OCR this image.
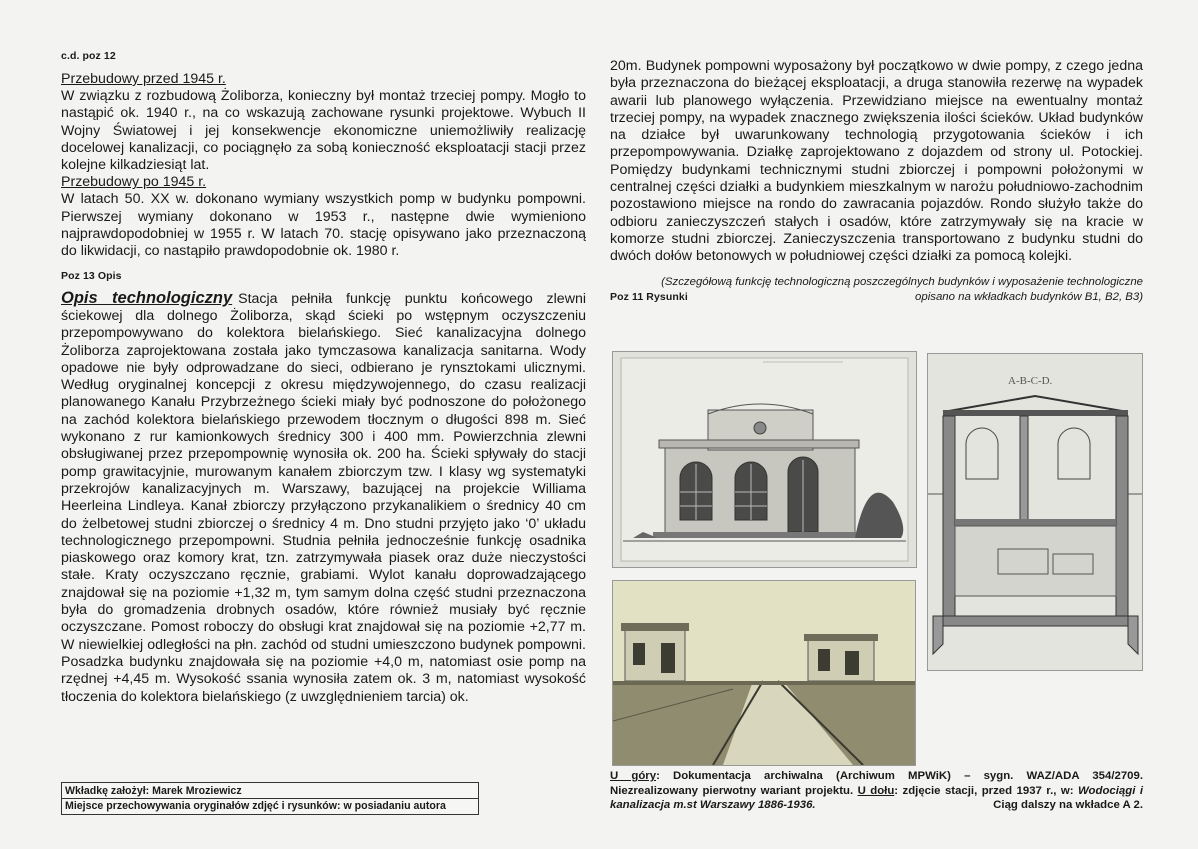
c.d. poz 12
Przebudowy przed 1945 r.
W związku z rozbudową Żoliborza, konieczny był montaż trzeciej pompy. Mogło to nastąpić ok. 1940 r., na co wskazują zachowane rysunki projektowe. Wybuch II Wojny Światowej i jej konsekwencje ekonomiczne uniemożliwiły realizację docelowej kanalizacji, co pociągnęło za sobą konieczność eksploatacji stacji przez kolejne kilkadziesiąt lat.
Przebudowy po 1945 r.
W latach 50. XX w. dokonano wymiany wszystkich pomp w budynku pompowni. Pierwszej wymiany dokonano w 1953 r., następne dwie wymieniono najprawdopodobniej w 1955 r. W latach 70. stację opisywano jako przeznaczoną do likwidacji, co nastąpiło prawdopodobnie ok. 1980 r.
Poz 13 Opis
Opis technologiczny Stacja pełniła funkcję punktu końcowego zlewni ściekowej dla dolnego Żoliborza, skąd ścieki po wstępnym oczyszczeniu przepompowywano do kolektora bielańskiego. Sieć kanalizacyjna dolnego Żoliborza zaprojektowana została jako tymczasowa kanalizacja sanitarna. Wody opadowe nie były odprowadzane do sieci, odbierano je rynsztokami ulicznymi. Według oryginalnej koncepcji z okresu międzywojennego, do czasu realizacji planowanego Kanału Przybrzeżnego ścieki miały być podnoszone do położonego na zachód kolektora bielańskiego przewodem tłocznym o długości 898 m. Sieć wykonano z rur kamionkowych średnicy 300 i 400 mm. Powierzchnia zlewni obsługiwanej przez przepompownię wynosiła ok. 200 ha. Ścieki spływały do stacji pomp grawitacyjnie, murowanym kanałem zbiorczym tzw. I klasy wg systematyki przekrojów kanalizacyjnych m. Warszawy, bazującej na projekcie Williama Heerleina Lindleya. Kanał zbiorczy przyłączono przykanalikiem o średnicy 40 cm do żelbetowej studni zbiorczej o średnicy 4 m. Dno studni przyjęto jako ‘0’ układu technologicznego przepompowni. Studnia pełniła jednocześnie funkcję osadnika piaskowego oraz komory krat, tzn. zatrzymywała piasek oraz duże nieczystości stałe. Kraty oczyszczano ręcznie, grabiami. Wylot kanału doprowadzającego znajdował się na poziomie +1,32 m, tym samym dolna część studni przeznaczona była do gromadzenia drobnych osadów, które również musiały być ręcznie oczyszczane. Pomost roboczy do obsługi krat znajdował się na poziomie +2,77 m. W niewielkiej odległości na płn. zachód od studni umieszczono budynek pompowni. Posadzka budynku znajdowała się na poziomie +4,0 m, natomiast osie pomp na rzędnej +4,45 m. Wysokość ssania wynosiła zatem ok. 3 m, natomiast wysokość tłoczenia do kolektora bielańskiego (z uwzględnieniem tarcia) ok.
Wkładkę założył: Marek Mroziewicz
Miejsce przechowywania oryginałów zdjęć i rysunków: w posiadaniu autora
20m. Budynek pompowni wyposażony był początkowo w dwie pompy, z czego jedna była przeznaczona do bieżącej eksploatacji, a druga stanowiła rezerwę na wypadek awarii lub planowego wyłączenia. Przewidziano miejsce na ewentualny montaż trzeciej pompy, na wypadek znacznego zwiększenia ilości ścieków. Układ budynków na działce był uwarunkowany technologią przygotowania ścieków i ich przepompowywania. Działkę zaprojektowano z dojazdem od strony ul. Potockiej. Pomiędzy budynkami technicznymi studni zbiorczej i pompowni położonymi w centralnej części działki a budynkiem mieszkalnym w narożu południowo-zachodnim pozostawiono miejsce na rondo do zawracania pojazdów. Rondo służyło także do odbioru zanieczyszczeń stałych i osadów, które zatrzymywały się na kracie w komorze studni zbiorczej. Zanieczyszczenia transportowano z budynku studni do dwóch dołów betonowych w południowej części działki za pomocą kolejki.
(Szczegółową funkcję technologiczną poszczególnych budynków i wyposażenie technologiczne
opisano na wkładkach budynków B1, B2, B3)
Poz 11 Rysunki
A-B-C-D.
U góry: Dokumentacja archiwalna (Archiwum MPWiK) – sygn. WAZ/ADA 354/2709. Niezrealizowany pierwotny wariant projektu. U dołu: zdjęcie stacji, przed 1937 r., w: Wodociągi i kanalizacja m.st Warszawy 1886-1936.	Ciąg dalszy na wkładce A 2.
